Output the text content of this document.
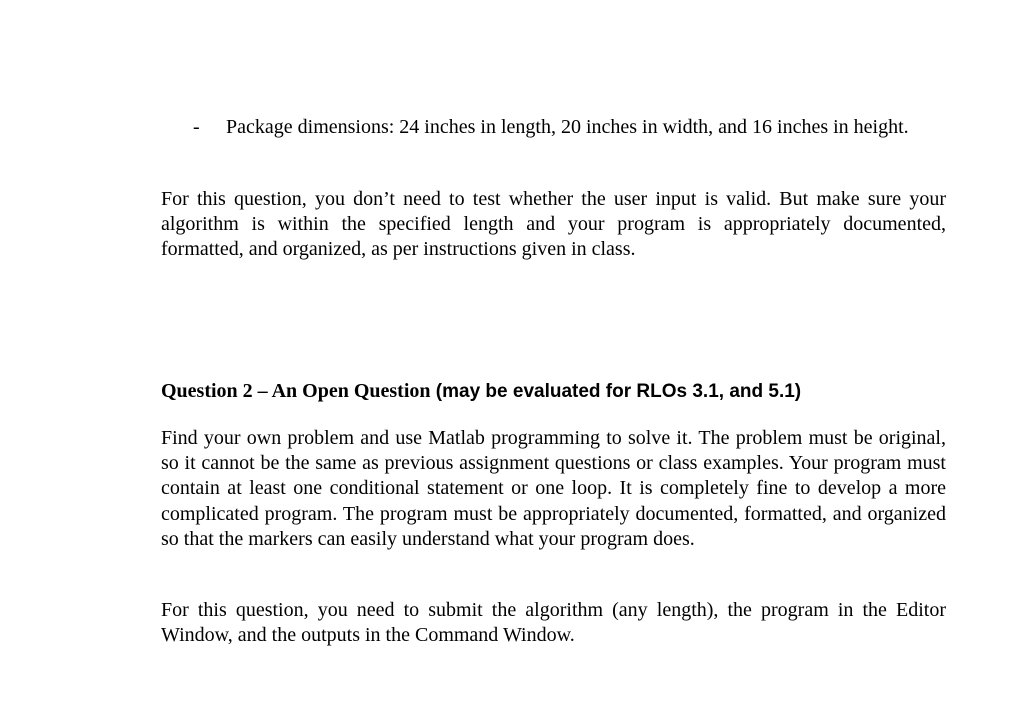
- Package dimensions: 24 inches in length, 20 inches in width, and 16 inches in height.

For this question, you don’t need to test whether the user input is valid. But make sure your algorithm is within the specified length and your program is appropriately documented, formatted, and organized, as per instructions given in class.

Question 2 – An Open Question (may be evaluated for RLOs 3.1, and 5.1)

Find your own problem and use Matlab programming to solve it. The problem must be original, so it cannot be the same as previous assignment questions or class examples. Your program must contain at least one conditional statement or one loop. It is completely fine to develop a more complicated program. The program must be appropriately documented, formatted, and organized so that the markers can easily understand what your program does.

For this question, you need to submit the algorithm (any length), the program in the Editor Window, and the outputs in the Command Window.
